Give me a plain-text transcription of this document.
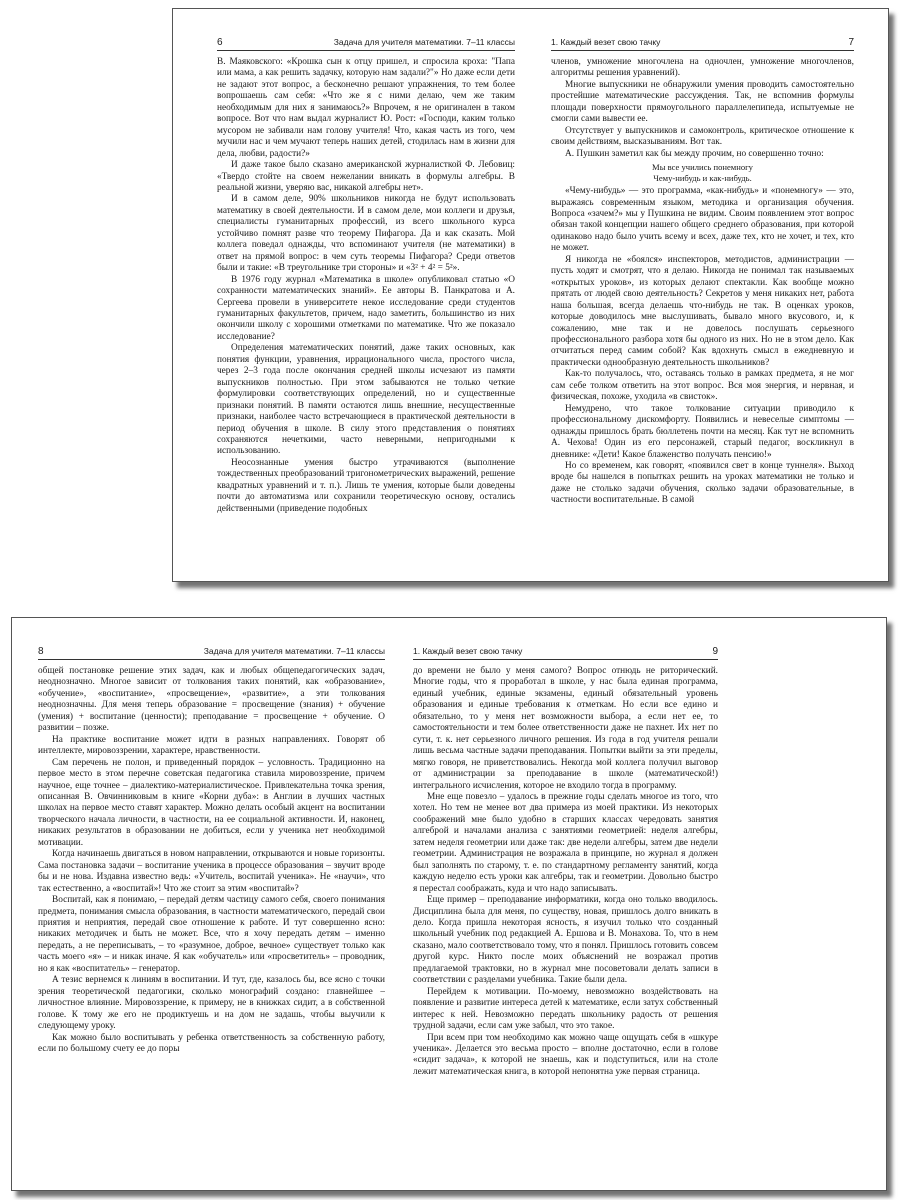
6	Задача для учителя математики. 7–11 классы

В. Маяковского: «Крошка сын к отцу пришел, и спросила кроха: "Папа или мама, а как решить задачку, которую нам задали?"» Но даже если дети не задают этот вопрос, а бесконечно решают упражнения, то тем более вопрошаешь сам себя: «Что же я с ними делаю, чем же таким необходимым для них я занимаюсь?» Впрочем, я не оригинален в таком вопросе. Вот что нам выдал журналист Ю. Рост: «Господи, каким только мусором не забивали нам голову учителя! Что, какая часть из того, чем мучили нас и чем мучают теперь наших детей, стодилась нам в жизни для дела, любви, радости?»

И даже такое было сказано американской журналисткой Ф. Лебовиц: «Твердо стойте на своем нежелании вникать в формулы алгебры. В реальной жизни, уверяю вас, никакой алгебры нет».

И в самом деле, 90% школьников никогда не будут использовать математику в своей деятельности. И в самом деле, мои коллеги и друзья, специалисты гуманитарных профессий, из всего школьного курса устойчиво помнят разве что теорему Пифагора. Да и как сказать. Мой коллега поведал однажды, что вспоминают учителя (не математики) в ответ на прямой вопрос: в чем суть теоремы Пифагора? Среди ответов были и такие: «В треугольнике три стороны» и «3² + 4² = 5²».

В 1976 году журнал «Математика в школе» опубликовал статью «О сохранности математических знаний». Ее авторы В. Панкратова и А. Сергеева провели в университете некое исследование среди студентов гуманитарных факультетов, причем, надо заметить, большинство из них окончили школу с хорошими отметками по математике. Что же показало исследование?

Определения математических понятий, даже таких основных, как понятия функции, уравнения, иррационального числа, простого числа, через 2–3 года после окончания средней школы исчезают из памяти выпускников полностью. При этом забываются не только четкие формулировки соответствующих определений, но и существенные признаки понятий. В памяти остаются лишь внешние, несущественные признаки, наиболее часто встречающиеся в практической деятельности в период обучения в школе. В силу этого представления о понятиях сохраняются нечеткими, часто неверными, непригодными к использованию.

Неосознанные умения быстро утрачиваются (выполнение тождественных преобразований тригонометрических выражений, решение квадратных уравнений и т. п.). Лишь те умения, которые были доведены почти до автоматизма или сохранили теоретическую основу, остались действенными (приведение подобных

1. Каждый везет свою тачку	7

членов, умножение многочлена на одночлен, умножение многочленов, алгоритмы решения уравнений).

Многие выпускники не обнаружили умения проводить самостоятельно простейшие математические рассуждения. Так, не вспомнив формулы площади поверхности прямоугольного параллелепипеда, испытуемые не смогли сами вывести ее.

Отсутствует у выпускников и самоконтроль, критическое отношение к своим действиям, высказываниям. Вот так.

А. Пушкин заметил как бы между прочим, но совершенно точно:

Мы все учились понемногу
Чему-нибудь и как-нибудь.

«Чему-нибудь» — это программа, «как-нибудь» и «понемногу» — это, выражаясь современным языком, методика и организация обучения. Вопроса «зачем?» мы у Пушкина не видим. Своим появлением этот вопрос обязан такой концепции нашего общего среднего образования, при которой одинаково надо было учить всему и всех, даже тех, кто не хочет, и тех, кто не может.

Я никогда не «боялся» инспекторов, методистов, администрации — пусть ходят и смотрят, что я делаю. Никогда не понимал так называемых «открытых уроков», из которых делают спектакли. Как вообще можно прятать от людей свою деятельность? Секретов у меня никаких нет, работа наша большая, всегда делаешь что-нибудь не так. В оценках уроков, которые доводилось мне выслушивать, бывало много вкусового, и, к сожалению, мне так и не довелось послушать серьезного профессионального разбора хотя бы одного из них. Но не в этом дело. Как отчитаться перед самим собой? Как вдохнуть смысл в ежедневную и практически однообразную деятельность школьников?

Как-то получалось, что, оставаясь только в рамках предмета, я не мог сам себе толком ответить на этот вопрос. Вся моя энергия, и нервная, и физическая, похоже, уходила «в свисток».

Немудрено, что такое толкование ситуации приводило к профессиональному дискомфорту. Появились и невеселые симптомы — однажды пришлось брать бюллетень почти на месяц. Как тут не вспомнить А. Чехова! Один из его персонажей, старый педагог, воскликнул в дневнике: «Дети! Какое блаженство получать пенсию!»

Но со временем, как говорят, «появился свет в конце туннеля». Выход вроде бы нашелся в попытках решить на уроках математики не только и даже не столько задачи обучения, сколько задачи образовательные, в частности воспитательные. В самой

8	Задача для учителя математики. 7–11 классы

общей постановке решение этих задач, как и любых общепедагогических задач, неоднозначно. Многое зависит от толкования таких понятий, как «образование», «обучение», «воспитание», «просвещение», «развитие», а эти толкования неоднозначны. Для меня теперь образование = просвещение (знания) + обучение (умения) + воспитание (ценности); преподавание = просвещение + обучение. О развитии – позже.

На практике воспитание может идти в разных направлениях. Говорят об интеллекте, мировоззрении, характере, нравственности.

Сам перечень не полон, и приведенный порядок – условность. Традиционно на первое место в этом перечне советская педагогика ставила мировоззрение, причем научное, еще точнее – диалектико-материалистическое. Привлекательна точка зрения, описанная В. Овчинниковым в книге «Корни дуба»: в Англии в лучших частных школах на первое место ставят характер. Можно делать особый акцент на воспитании творческого начала личности, в частности, на ее социальной активности. И, наконец, никаких результатов в образовании не добиться, если у ученика нет необходимой мотивации.

Когда начинаешь двигаться в новом направлении, открываются и новые горизонты. Сама постановка задачи – воспитание ученика в процессе образования – звучит вроде бы и не нова. Издавна известно ведь: «Учитель, воспитай ученика». Не «научи», что так естественно, а «воспитай»! Что же стоит за этим «воспитай»?

Воспитай, как я понимаю, – передай детям частицу самого себя, своего понимания предмета, понимания смысла образования, в частности математического, передай свои приятия и неприятия, передай свое отношение к работе. И тут совершенно ясно: никаких методичек и быть не может. Все, что я хочу передать детям – именно передать, а не переписывать, – то «разумное, доброе, вечное» существует только как часть моего «я» – и никак иначе. Я как «обучатель» или «просветитель» – проводник, но я как «воспитатель» – генератор.

А тезис вернемся к линиям в воспитании. И тут, где, казалось бы, все ясно с точки зрения теоретической педагогики, сколько монографий создано: главнейшее – личностное влияние. Мировоззрение, к примеру, не в книжках сидит, а в собственной голове. К тому же его не продиктуешь и на дом не задашь, чтобы выучили к следующему уроку.

Как можно было воспитывать у ребенка ответственность за собственную работу, если по большому счету ее до поры

1. Каждый везет свою тачку	9

до времени не было у меня самого? Вопрос отнюдь не риторический. Многие годы, что я проработал в школе, у нас была единая программа, единый учебник, единые экзамены, единый обязательный уровень образования и единые требования к отметкам. Но если все едино и обязательно, то у меня нет возможности выбора, а если нет ее, то самостоятельности и тем более ответственности даже не пахнет. Их нет по сути, т. к. нет серьезного личного решения. Из года в год учителя решали лишь весьма частные задачи преподавания. Попытки выйти за эти пределы, мягко говоря, не приветствовались. Некогда мой коллега получил выговор от администрации за преподавание в школе (математической!) интегрального исчисления, которое не входило тогда в программу.

Мне еще повезло – удалось в прежние годы сделать многое из того, что хотел. Но тем не менее вот два примера из моей практики. Из некоторых соображений мне было удобно в старших классах чередовать занятия алгеброй и началами анализа с занятиями геометрией: неделя алгебры, затем неделя геометрии или даже так: две недели алгебры, затем две недели геометрии. Администрация не возражала в принципе, но журнал я должен был заполнять по старому, т. е. по стандартному регламенту занятий, когда каждую неделю есть уроки как алгебры, так и геометрии. Довольно быстро я перестал соображать, куда и что надо записывать.

Еще пример – преподавание информатики, когда оно только вводилось. Дисциплина была для меня, по существу, новая, пришлось долго вникать в дело. Когда пришла некоторая ясность, я изучил только что созданный школьный учебник под редакцией А. Ершова и В. Монахова. То, что в нем сказано, мало соответствовало тому, что я понял. Пришлось готовить совсем другой курс. Никто после моих объяснений не возражал против предлагаемой трактовки, но в журнал мне посоветовали делать записи в соответствии с разделами учебника. Такие были дела.

Перейдем к мотивации. По-моему, невозможно воздействовать на появление и развитие интереса детей к математике, если затух собственный интерес к ней. Невозможно передать школьнику радость от решения трудной задачи, если сам уже забыл, что это такое.

При всем при том необходимо как можно чаще ощущать себя в «шкуре ученика». Делается это весьма просто – вполне достаточно, если в голове «сидит задача», к которой не знаешь, как и подступиться, или на столе лежит математическая книга, в которой непонятна уже первая страница.
